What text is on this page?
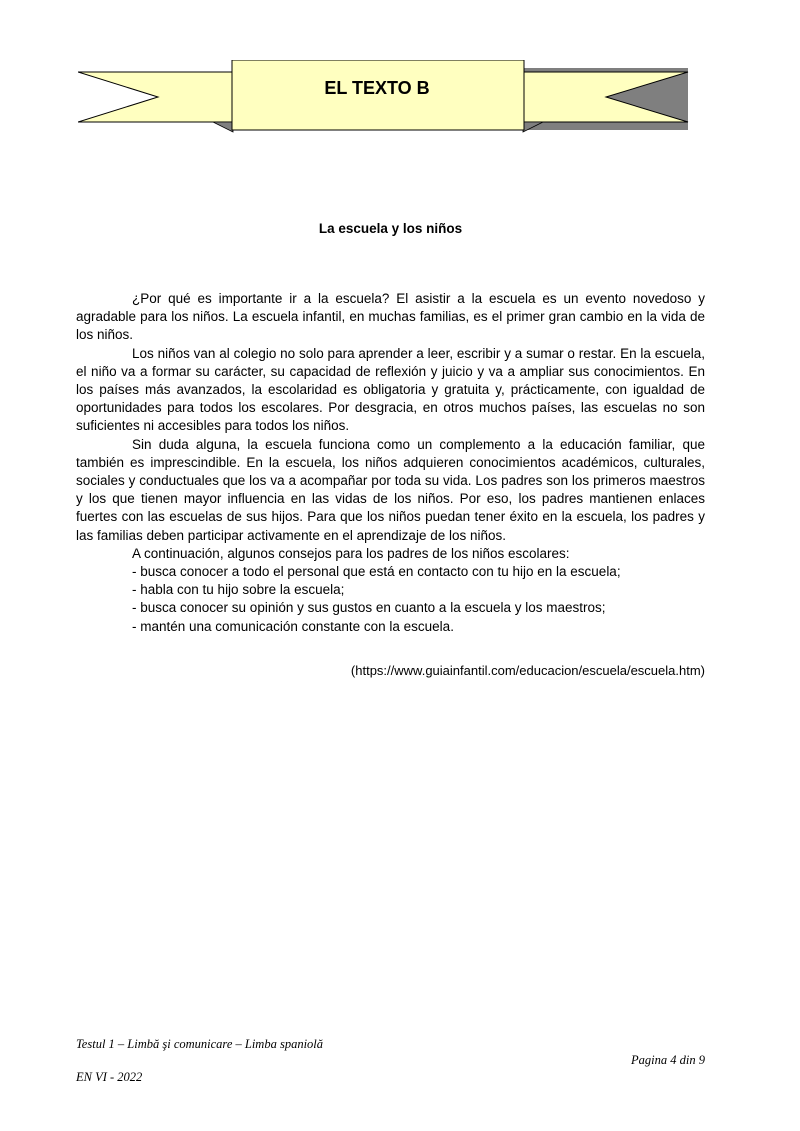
EL TEXTO B
La escuela y los niños

¿Por qué es importante ir a la escuela? El asistir a la escuela es un evento novedoso y agradable para los niños. La escuela infantil, en muchas familias, es el primer gran cambio en la vida de los niños.

Los niños van al colegio no solo para aprender a leer, escribir y a sumar o restar. En la escuela, el niño va a formar su carácter, su capacidad de reflexión y juicio y va a ampliar sus conocimientos. En los países más avanzados, la escolaridad es obligatoria y gratuita y, prácticamente, con igualdad de oportunidades para todos los escolares. Por desgracia, en otros muchos países, las escuelas no son suficientes ni accesibles para todos los niños.

Sin duda alguna, la escuela funciona como un complemento a la educación familiar, que también es imprescindible. En la escuela, los niños adquieren conocimientos académicos, culturales, sociales y conductuales que los va a acompañar por toda su vida. Los padres son los primeros maestros y los que tienen mayor influencia en las vidas de los niños. Por eso, los padres mantienen enlaces fuertes con las escuelas de sus hijos. Para que los niños puedan tener éxito en la escuela, los padres y las familias deben participar activamente en el aprendizaje de los niños.

A continuación, algunos consejos para los padres de los niños escolares:

- busca conocer a todo el personal que está en contacto con tu hijo en la escuela;

- habla con tu hijo sobre la escuela;

- busca conocer su opinión y sus gustos en cuanto a la escuela y los maestros;

- mantén una comunicación constante con la escuela.

(https://www.guiainfantil.com/educacion/escuela/escuela.htm)
Testul 1 – Limbă şi comunicare – Limba spaniolă
Pagina 4 din 9
EN VI - 2022
